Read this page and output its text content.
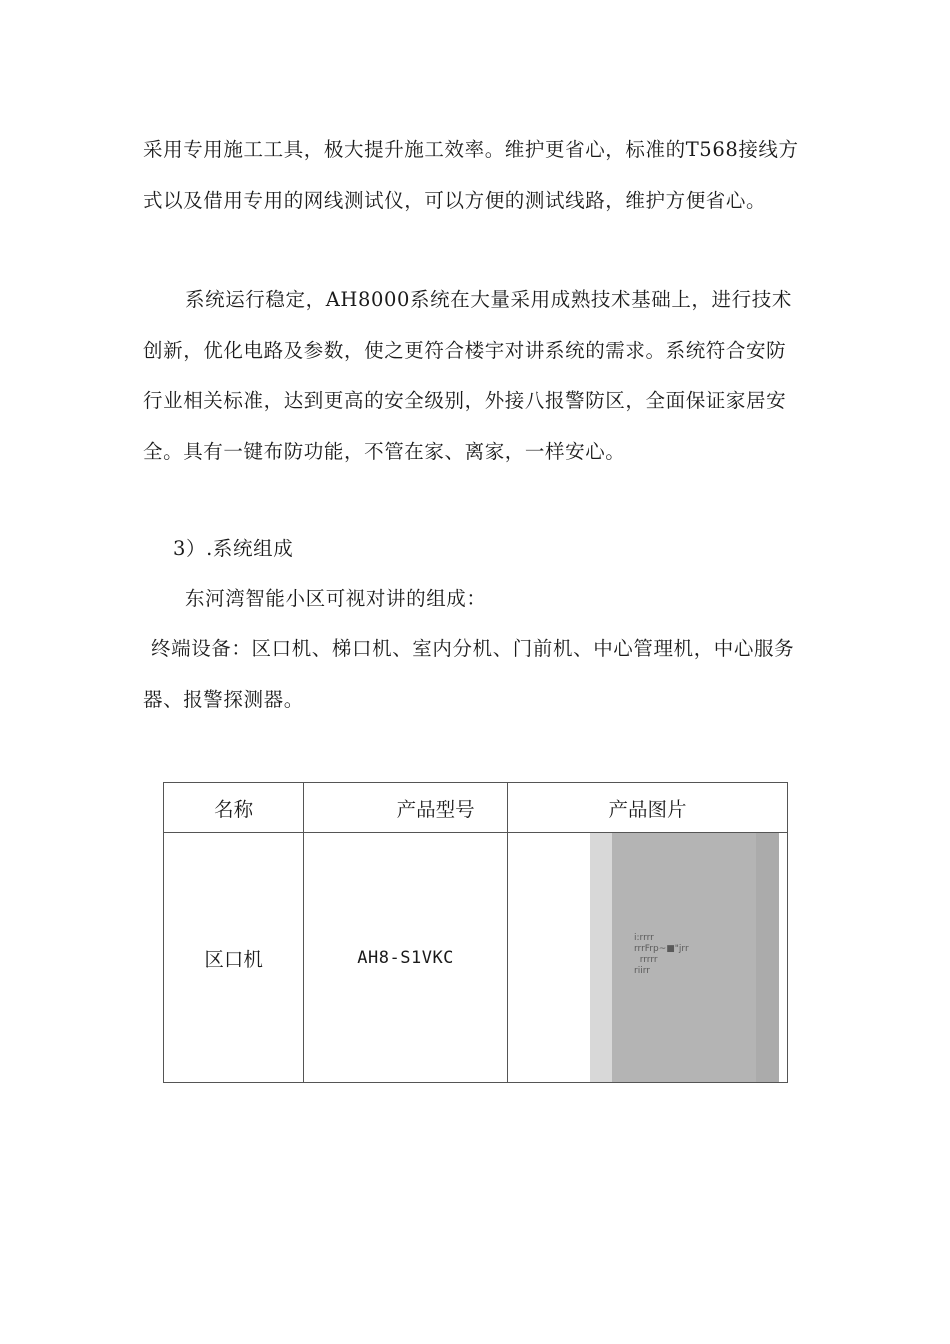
采用专用施工工具，极大提升施工效率。维护更省心，标准的T568接线方式以及借用专用的网线测试仪，可以方便的测试线路，维护方便省心。

系统运行稳定，AH8000系统在大量采用成熟技术基础上，进行技术创新，优化电路及参数，使之更符合楼宇对讲系统的需求。系统符合安防行业相关标准，达到更高的安全级别，外接八报警防区，全面保证家居安全。具有一键布防功能，不管在家、离家，一样安心。

3）.系统组成

东河湾智能小区可视对讲的组成：

终端设备：区口机、梯口机、室内分机、门前机、中心管理机，中心服务器、报警探测器。

名称	产品型号	产品图片
区口机	AH8-S1VKC	i:rrrr
rrrFrp~■"jrr
rrrrr
riirr
